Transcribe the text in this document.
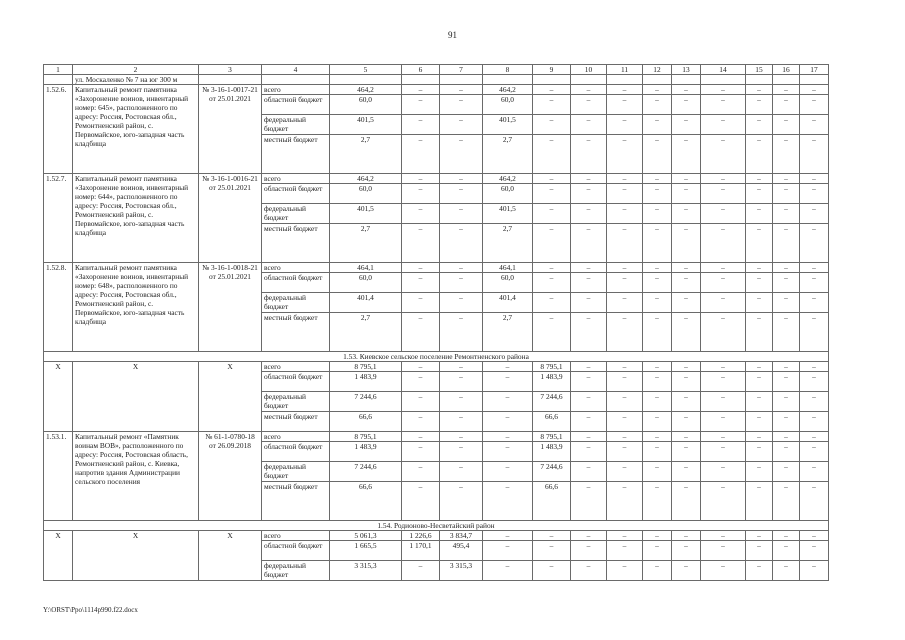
91
1	2	3	4	5	6	7	8	9	10	11	12	13	14	15	16	17
	ул. Москаленко № 7 на юг 300 м															
1.52.6.	Капитальный ремонт памятника «Захоронение воинов, инвентарный номер: 645», расположенного по адресу: Россия, Ростовская обл., Ремонтненский район, с. Первомайское, юго-западная часть кладбища	№ 3-16-1-0017-21 от 25.01.2021	всего	464,2	–	–	464,2	–	–	–	–	–	–	–	–	–
			областной бюджет	60,0	–	–	60,0	–	–	–	–	–	–	–	–	–
			федеральный бюджет	401,5	–	–	401,5	–	–	–	–	–	–	–	–	–
			местный бюджет	2,7	–	–	2,7	–	–	–	–	–	–	–	–	–
1.52.7.	Капитальный ремонт памятника «Захоронение воинов, инвентарный номер: 644», расположенного по адресу: Россия, Ростовская обл., Ремонтненский район, с. Первомайское, юго-западная часть кладбища	№ 3-16-1-0016-21 от 25.01.2021	всего	464,2	–	–	464,2	–	–	–	–	–	–	–	–	–
			областной бюджет	60,0	–	–	60,0	–	–	–	–	–	–	–	–	–
			федеральный бюджет	401,5	–	–	401,5	–	–	–	–	–	–	–	–	–
			местный бюджет	2,7	–	–	2,7	–	–	–	–	–	–	–	–	–
1.52.8.	Капитальный ремонт памятника «Захоронение воинов, инвентарный номер: 648», расположенного по адресу: Россия, Ростовская обл., Ремонтненский район, с. Первомайское, юго-западная часть кладбища	№ 3-16-1-0018-21 от 25.01.2021	всего	464,1	–	–	464,1	–	–	–	–	–	–	–	–	–
			областной бюджет	60,0	–	–	60,0	–	–	–	–	–	–	–	–	–
			федеральный бюджет	401,4	–	–	401,4	–	–	–	–	–	–	–	–	–
			местный бюджет	2,7	–	–	2,7	–	–	–	–	–	–	–	–	–
1.53. Киевское сельское поселение Ремонтненского района																
Х	Х	Х	всего	8 795,1	–	–	–	8 795,1	–	–	–	–	–	–	–	–
			областной бюджет	1 483,9	–	–	–	1 483,9	–	–	–	–	–	–	–	–
			федеральный бюджет	7 244,6	–	–	–	7 244,6	–	–	–	–	–	–	–	–
			местный бюджет	66,6	–	–	–	66,6	–	–	–	–	–	–	–	–
1.53.1.	Капитальный ремонт «Памятник воинам ВОВ», расположенного по адресу: Россия, Ростовская область, Ремонтненский район, с. Киевка, напротив здания Администрации сельского поселения	№ 61-1-0780-18 от 26.09.2018	всего	8 795,1	–	–	–	8 795,1	–	–	–	–	–	–	–	–
			областной бюджет	1 483,9	–	–	–	1 483,9	–	–	–	–	–	–	–	–
			федеральный бюджет	7 244,6	–	–	–	7 244,6	–	–	–	–	–	–	–	–
			местный бюджет	66,6	–	–	–	66,6	–	–	–	–	–	–	–	–
1.54. Родионово-Несветайский район																
Х	Х	Х	всего	5 061,3	1 226,6	3 834,7	–	–	–	–	–	–	–	–	–	–
			областной бюджет	1 665,5	1 170,1	495,4	–	–	–	–	–	–	–	–	–	–
			федеральный бюджет	3 315,3	–	3 315,3	–	–	–	–	–	–	–	–	–	–
Y:\ORST\Ppo\1114p990.f22.docx
